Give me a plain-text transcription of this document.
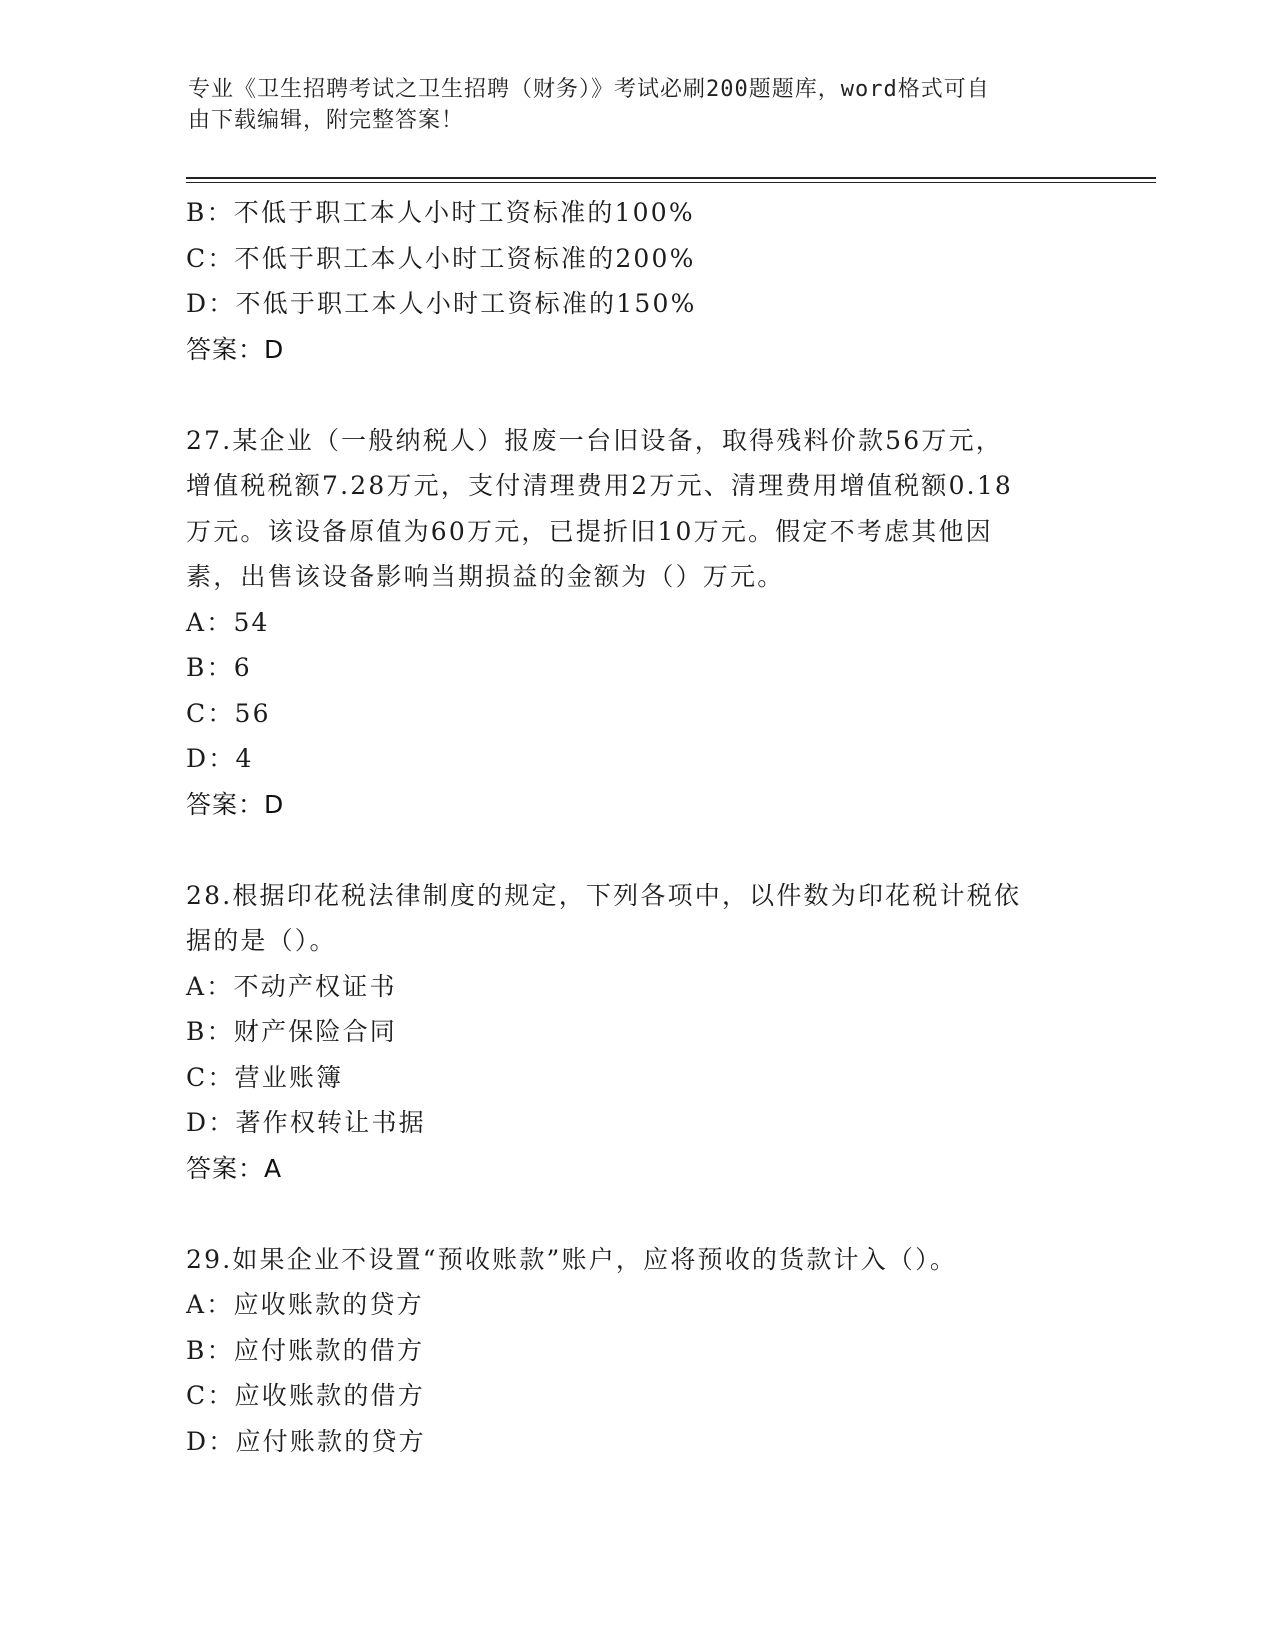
专业《卫生招聘考试之卫生招聘（财务）》考试必刷200题题库，word格式可自
由下载编辑，附完整答案！
B：不低于职工本人小时工资标准的100%
C：不低于职工本人小时工资标准的200%
D：不低于职工本人小时工资标准的150%
答案：D
27.某企业（一般纳税人）报废一台旧设备，取得残料价款56万元，
增值税税额7.28万元，支付清理费用2万元、清理费用增值税额0.18
万元。该设备原值为60万元，已提折旧10万元。假定不考虑其他因
素，出售该设备影响当期损益的金额为（）万元。
A：54
B：6
C：56
D：4
答案：D
28.根据印花税法律制度的规定，下列各项中，以件数为印花税计税依
据的是（）。
A：不动产权证书
B：财产保险合同
C：营业账簿
D：著作权转让书据
答案：A
29.如果企业不设置“预收账款”账户，应将预收的货款计入（）。
A：应收账款的贷方
B：应付账款的借方
C：应收账款的借方
D：应付账款的贷方
